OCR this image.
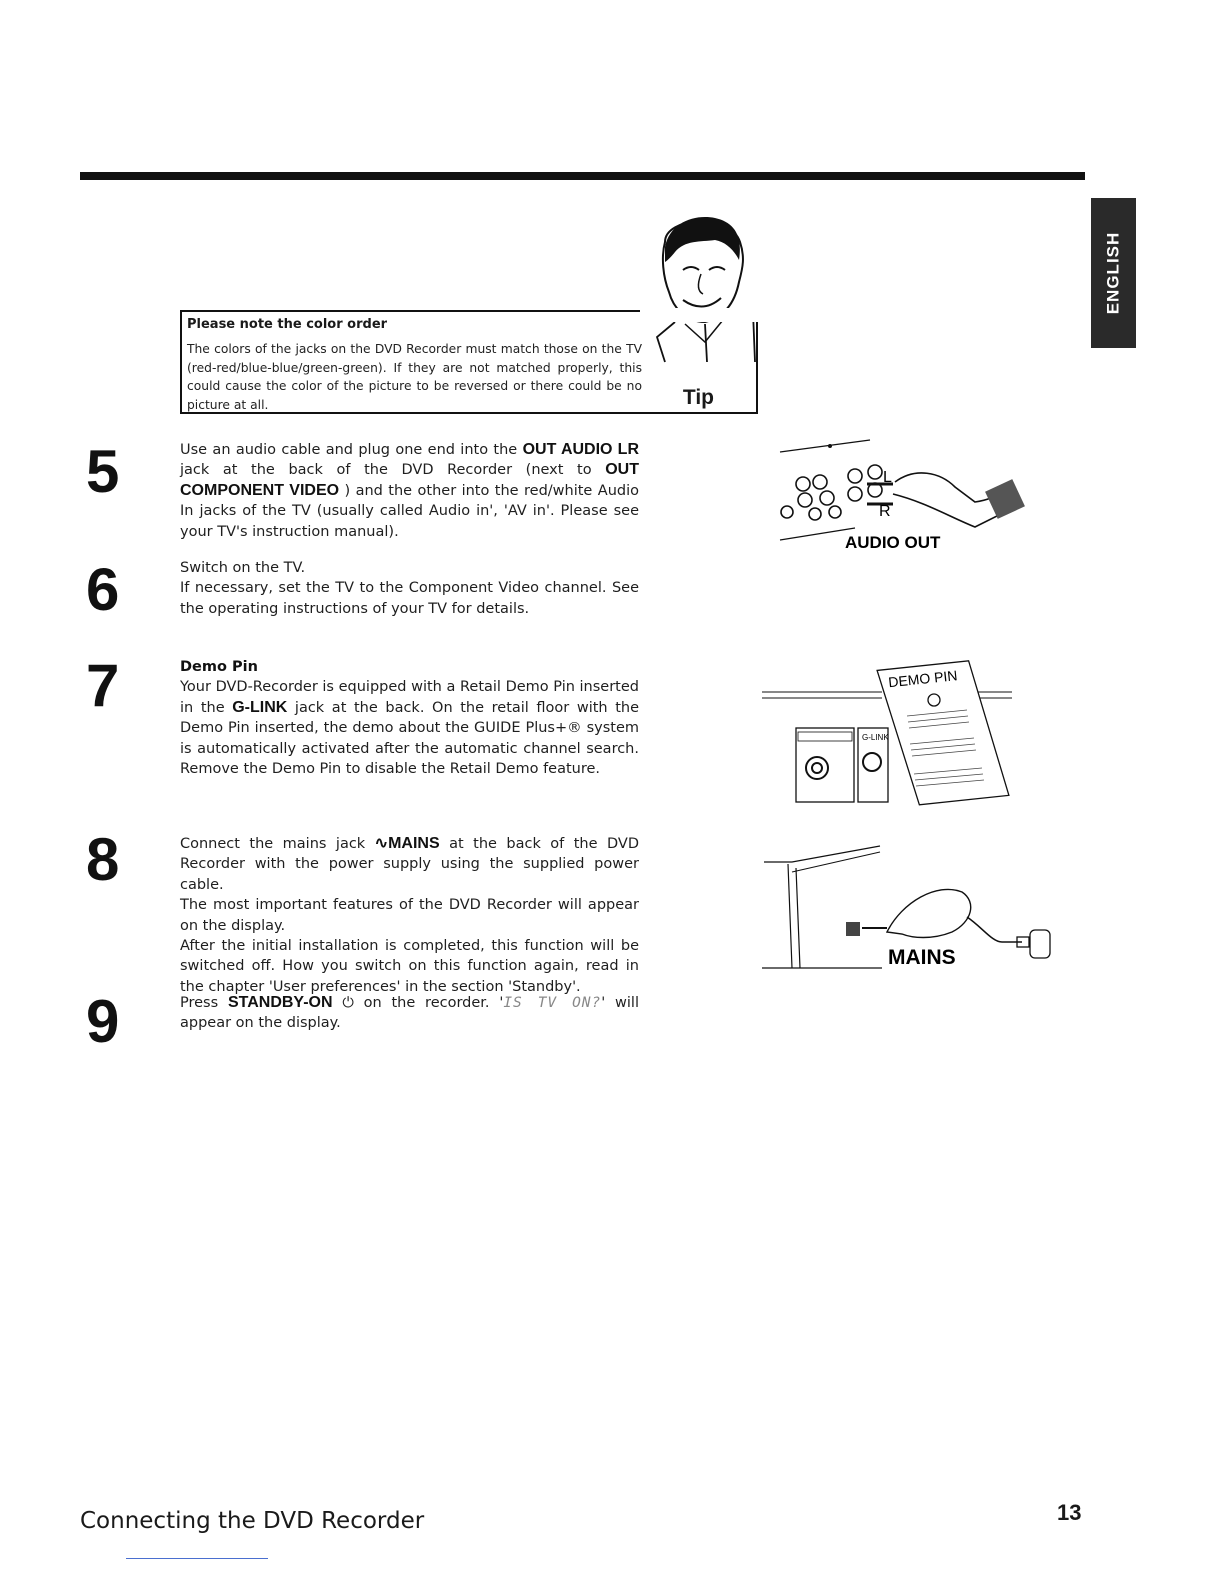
ENGLISH
Please note the color order
The colors of the jacks on the DVD Recorder must match those on the TV (red-red/blue-blue/green-green). If they are not matched properly, this could cause the color of the picture to be reversed or there could be no picture at all.	Tip
5	Use an audio cable and plug one end into the OUT AUDIO LR jack at the back of the DVD Recorder (next to OUT COMPONENT VIDEO ) and the other into the red/white Audio In jacks of the TV (usually called Audio in', 'AV in'. Please see your TV's instruction manual).

6	Switch on the TV.

If necessary, set the TV to the Component Video channel. See the operating instructions of your TV for details.

7	Demo Pin

Your DVD-Recorder is equipped with a Retail Demo Pin inserted in the G-LINK jack at the back. On the retail floor with the Demo Pin inserted, the demo about the GUIDE Plus+® system is automatically activated after the automatic channel search. Remove the Demo Pin to disable the Retail Demo feature.

8	Connect the mains jack ∿MAINS at the back of the DVD Recorder with the power supply using the supplied power cable.

The most important features of the DVD Recorder will appear on the display.

After the initial installation is completed, this function will be switched off. How you switch on this function again, read in the chapter 'User preferences' in the section 'Standby'.

9	Press STANDBY-ON ⏻ on the recorder. 'IS TV ON?' will appear on the display.

L
R
AUDIO OUT
G-LINK
DEMO PIN
MAINS
Connecting the DVD Recorder	13
